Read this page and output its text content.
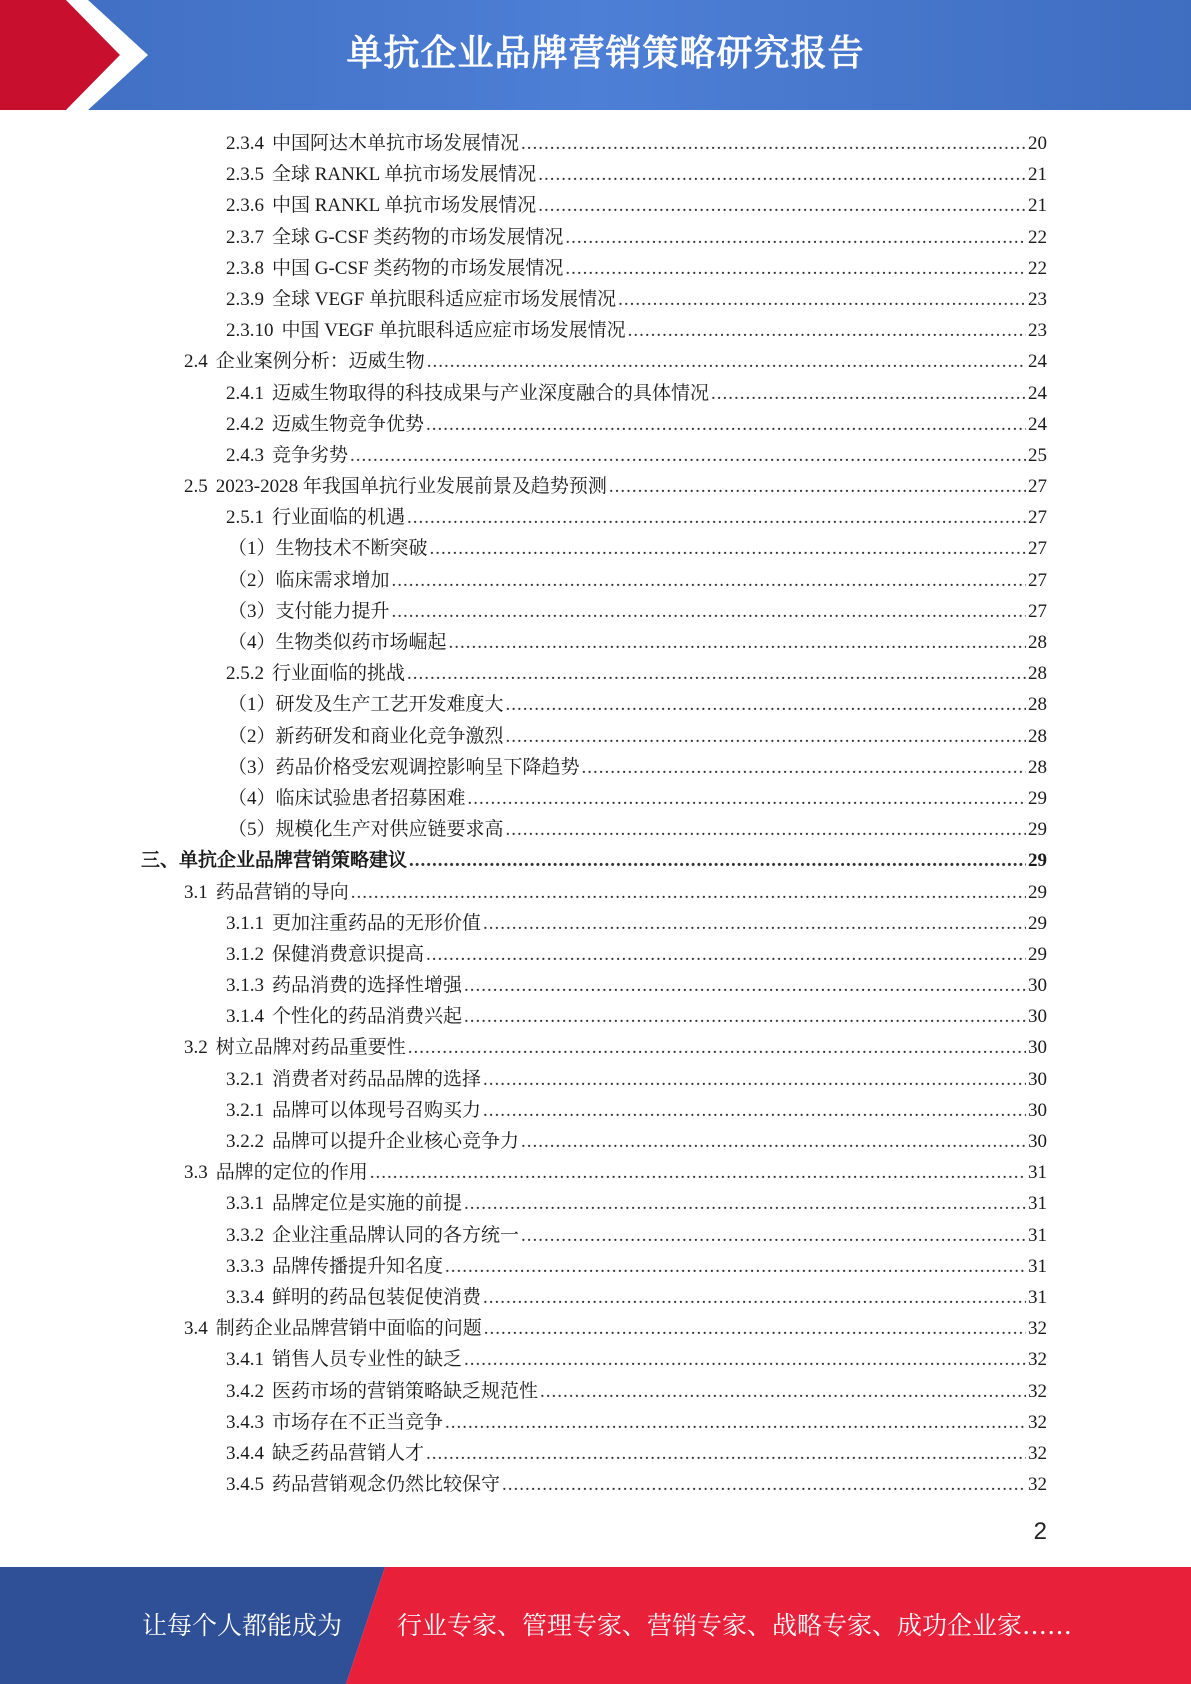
单抗企业品牌营销策略研究报告
2.3.4 中国阿达木单抗市场发展情况 .....	20
2.3.5 全球 RANKL 单抗市场发展情况 .....	21
2.3.6 中国 RANKL 单抗市场发展情况 .....	21
2.3.7 全球 G-CSF 类药物的市场发展情况 .....	22
2.3.8 中国 G-CSF 类药物的市场发展情况 .....	22
2.3.9 全球 VEGF 单抗眼科适应症市场发展情况 .....	23
2.3.10 中国 VEGF 单抗眼科适应症市场发展情况 .....	23
2.4 企业案例分析：迈威生物 .....	24
2.4.1 迈威生物取得的科技成果与产业深度融合的具体情况 .....	24
2.4.2 迈威生物竞争优势 .....	24
2.4.3 竞争劣势 .....	25
2.5 2023-2028 年我国单抗行业发展前景及趋势预测 .....	27
2.5.1 行业面临的机遇 .....	27
（1） 生物技术不断突破 .....	27
（2） 临床需求增加 .....	27
（3） 支付能力提升 .....	27
（4） 生物类似药市场崛起 .....	28
2.5.2 行业面临的挑战 .....	28
（1） 研发及生产工艺开发难度大 .....	28
（2） 新药研发和商业化竞争激烈 .....	28
（3） 药品价格受宏观调控影响呈下降趋势 .....	28
（4） 临床试验患者招募困难 .....	29
（5） 规模化生产对供应链要求高 .....	29
三、 单抗企业品牌营销策略建议 .....	29
3.1 药品营销的导向 .....	29
3.1.1 更加注重药品的无形价值 .....	29
3.1.2 保健消费意识提高 .....	29
3.1.3 药品消费的选择性增强 .....	30
3.1.4 个性化的药品消费兴起 .....	30
3.2 树立品牌对药品重要性 .....	30
3.2.1 消费者对药品品牌的选择 .....	30
3.2.1 品牌可以体现号召购买力 .....	30
3.2.2 品牌可以提升企业核心竞争力 .....	30
3.3 品牌的定位的作用 .....	31
3.3.1 品牌定位是实施的前提 .....	31
3.3.2 企业注重品牌认同的各方统一 .....	31
3.3.3 品牌传播提升知名度 .....	31
3.3.4 鲜明的药品包装促使消费 .....	31
3.4 制药企业品牌营销中面临的问题 .....	32
3.4.1 销售人员专业性的缺乏 .....	32
3.4.2 医药市场的营销策略缺乏规范性 .....	32
3.4.3 市场存在不正当竞争 .....	32
3.4.4 缺乏药品营销人才 .....	32
3.4.5 药品营销观念仍然比较保守 .....	32
2
让每个人都能成为 行业专家、管理专家、营销专家、战略专家、成功企业家……
